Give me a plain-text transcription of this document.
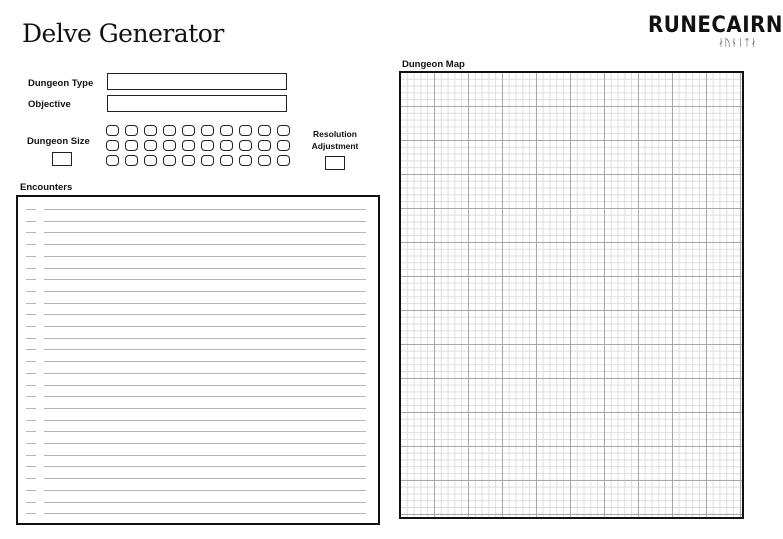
Delve Generator	RUNECAIRN
ᛅᚢᚾᛁᛏᛅ
Dungeon Type
Objective
Dungeon Size
Resolution
Adjustment
Encounters
Dungeon Map
